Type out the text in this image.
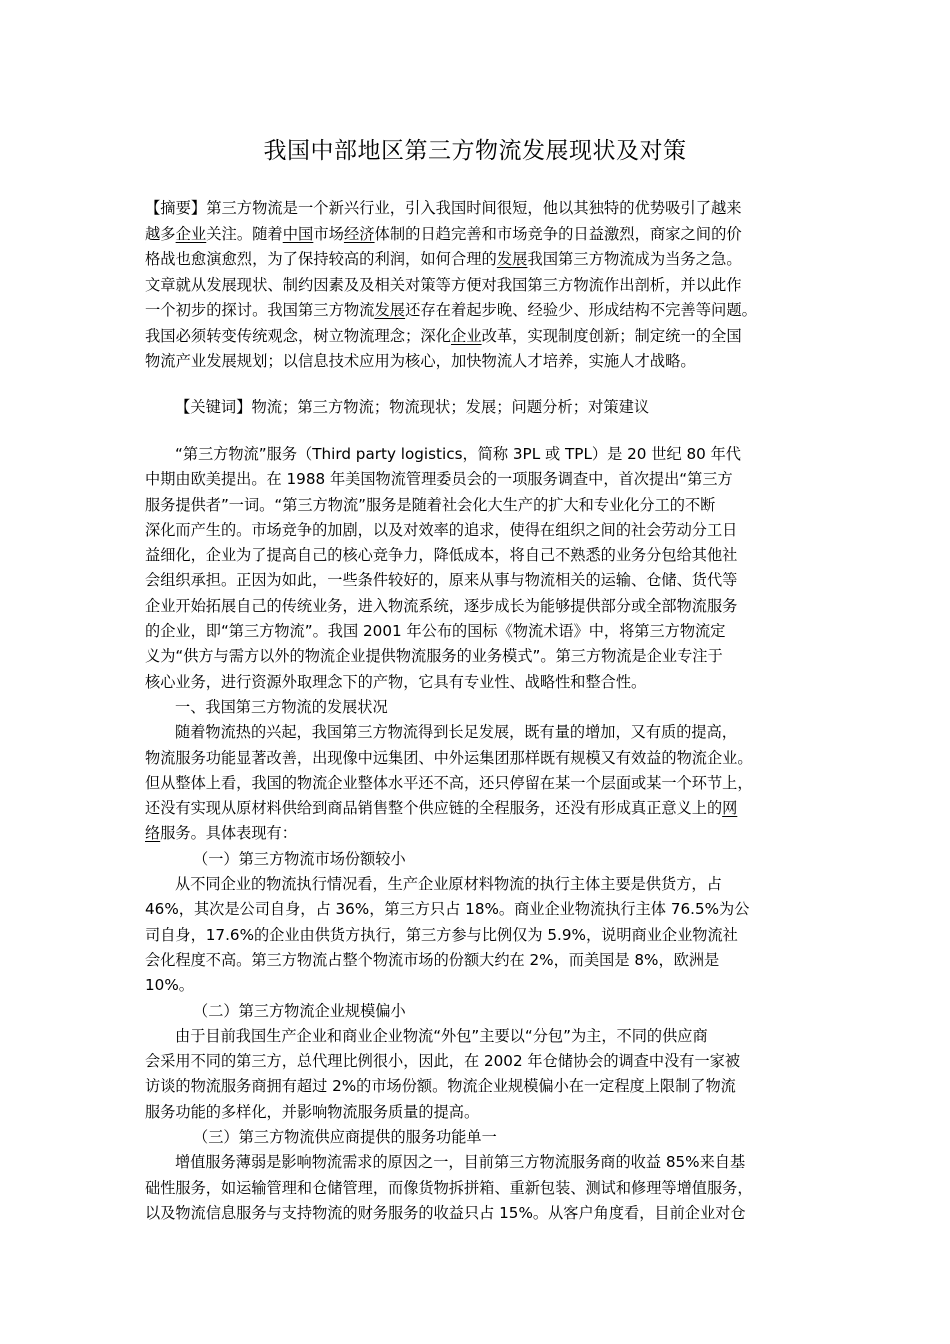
我国中部地区第三方物流发展现状及对策
【摘要】第三方物流是一个新兴行业，引入我国时间很短，他以其独特的优势吸引了越来
越多企业关注。随着中国市场经济体制的日趋完善和市场竞争的日益激烈，商家之间的价
格战也愈演愈烈，为了保持较高的利润，如何合理的发展我国第三方物流成为当务之急。
文章就从发展现状、制约因素及及相关对策等方便对我国第三方物流作出剖析，并以此作
一个初步的探讨。我国第三方物流发展还存在着起步晚、经验少、形成结构不完善等问题。
我国必须转变传统观念，树立物流理念；深化企业改革，实现制度创新；制定统一的全国
物流产业发展规划；以信息技术应用为核心，加快物流人才培养，实施人才战略。
【关键词】物流；第三方物流；物流现状；发展；问题分析；对策建议
“第三方物流”服务（Third party logistics，简称 3PL 或 TPL）是 20 世纪 80 年代
中期由欧美提出。在 1988 年美国物流管理委员会的一项服务调查中，首次提出“第三方
服务提供者”一词。“第三方物流”服务是随着社会化大生产的扩大和专业化分工的不断
深化而产生的。市场竞争的加剧，以及对效率的追求，使得在组织之间的社会劳动分工日
益细化，企业为了提高自己的核心竞争力，降低成本，将自己不熟悉的业务分包给其他社
会组织承担。正因为如此，一些条件较好的，原来从事与物流相关的运输、仓储、货代等
企业开始拓展自己的传统业务，进入物流系统，逐步成长为能够提供部分或全部物流服务
的企业，即“第三方物流”。我国 2001 年公布的国标《物流术语》中，将第三方物流定
义为“供方与需方以外的物流企业提供物流服务的业务模式”。第三方物流是企业专注于
核心业务，进行资源外取理念下的产物，它具有专业性、战略性和整合性。
一、我国第三方物流的发展状况
随着物流热的兴起，我国第三方物流得到长足发展，既有量的增加，又有质的提高，
物流服务功能显著改善，出现像中远集团、中外运集团那样既有规模又有效益的物流企业。
但从整体上看，我国的物流企业整体水平还不高，还只停留在某一个层面或某一个环节上，
还没有实现从原材料供给到商品销售整个供应链的全程服务，还没有形成真正意义上的网
络服务。具体表现有：
（一）第三方物流市场份额较小
从不同企业的物流执行情况看，生产企业原材料物流的执行主体主要是供货方，占
46%，其次是公司自身，占 36%，第三方只占 18%。商业企业物流执行主体 76.5%为公
司自身，17.6%的企业由供货方执行，第三方参与比例仅为 5.9%，说明商业企业物流社
会化程度不高。第三方物流占整个物流市场的份额大约在 2%，而美国是 8%，欧洲是
10%。
（二）第三方物流企业规模偏小
由于目前我国生产企业和商业企业物流“外包”主要以“分包”为主，不同的供应商
会采用不同的第三方，总代理比例很小，因此，在 2002 年仓储协会的调查中没有一家被
访谈的物流服务商拥有超过 2%的市场份额。物流企业规模偏小在一定程度上限制了物流
服务功能的多样化，并影响物流服务质量的提高。
（三）第三方物流供应商提供的服务功能单一
增值服务薄弱是影响物流需求的原因之一，目前第三方物流服务商的收益 85%来自基
础性服务，如运输管理和仓储管理，而像货物拆拼箱、重新包装、测试和修理等增值服务，
以及物流信息服务与支持物流的财务服务的收益只占 15%。从客户角度看，目前企业对仓
